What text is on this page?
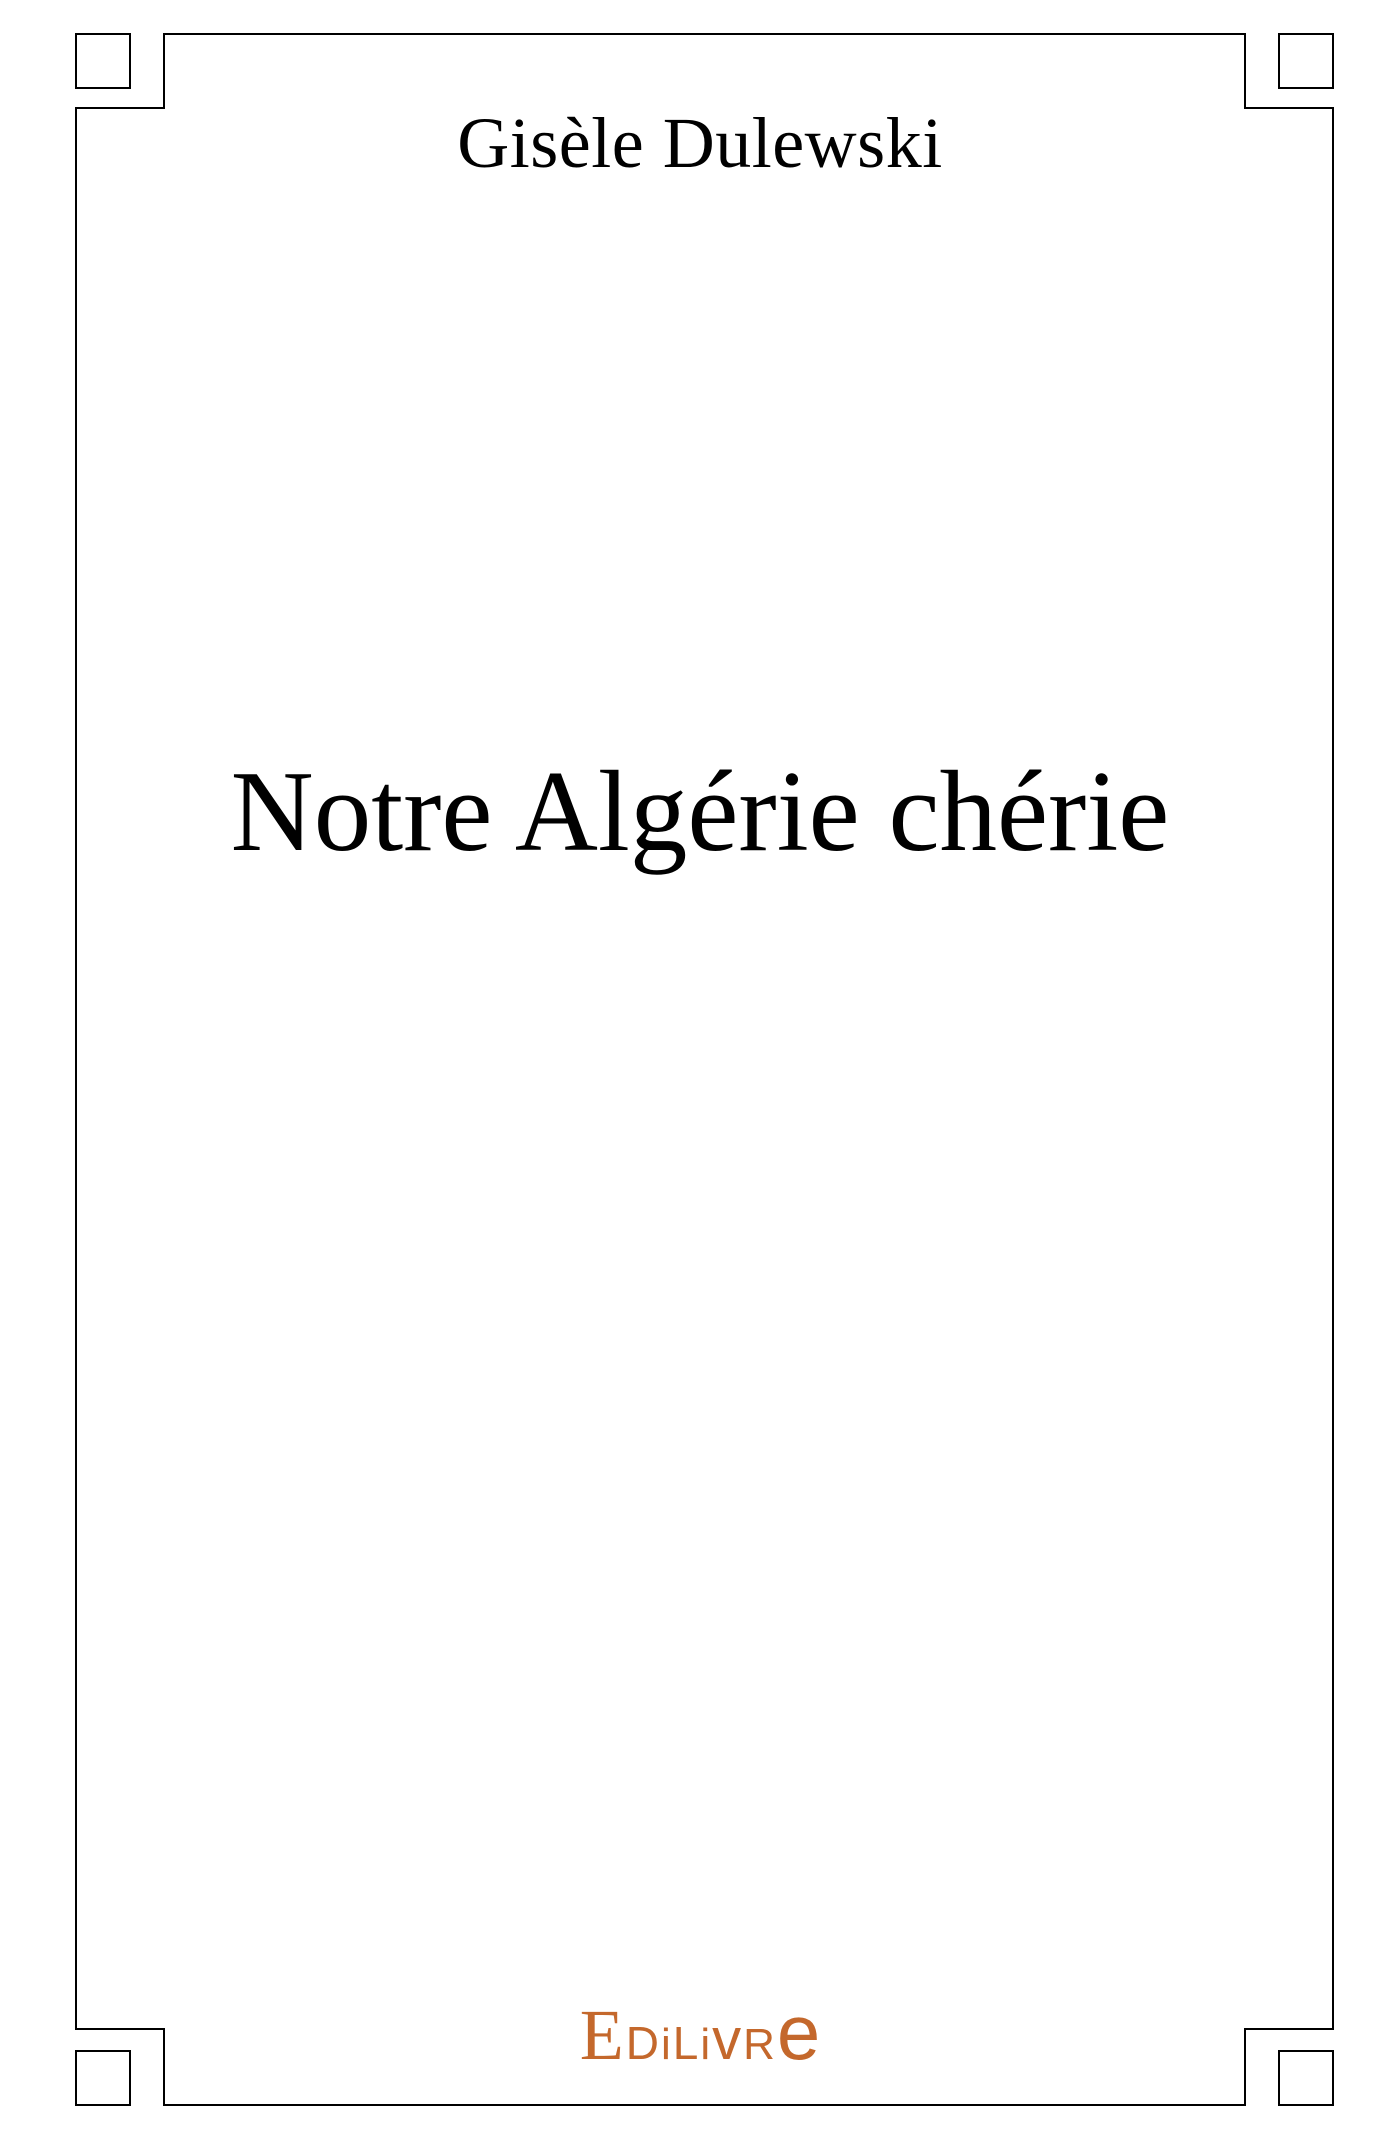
Gisèle Dulewski
Notre Algérie chérie
E D i L i v R e
